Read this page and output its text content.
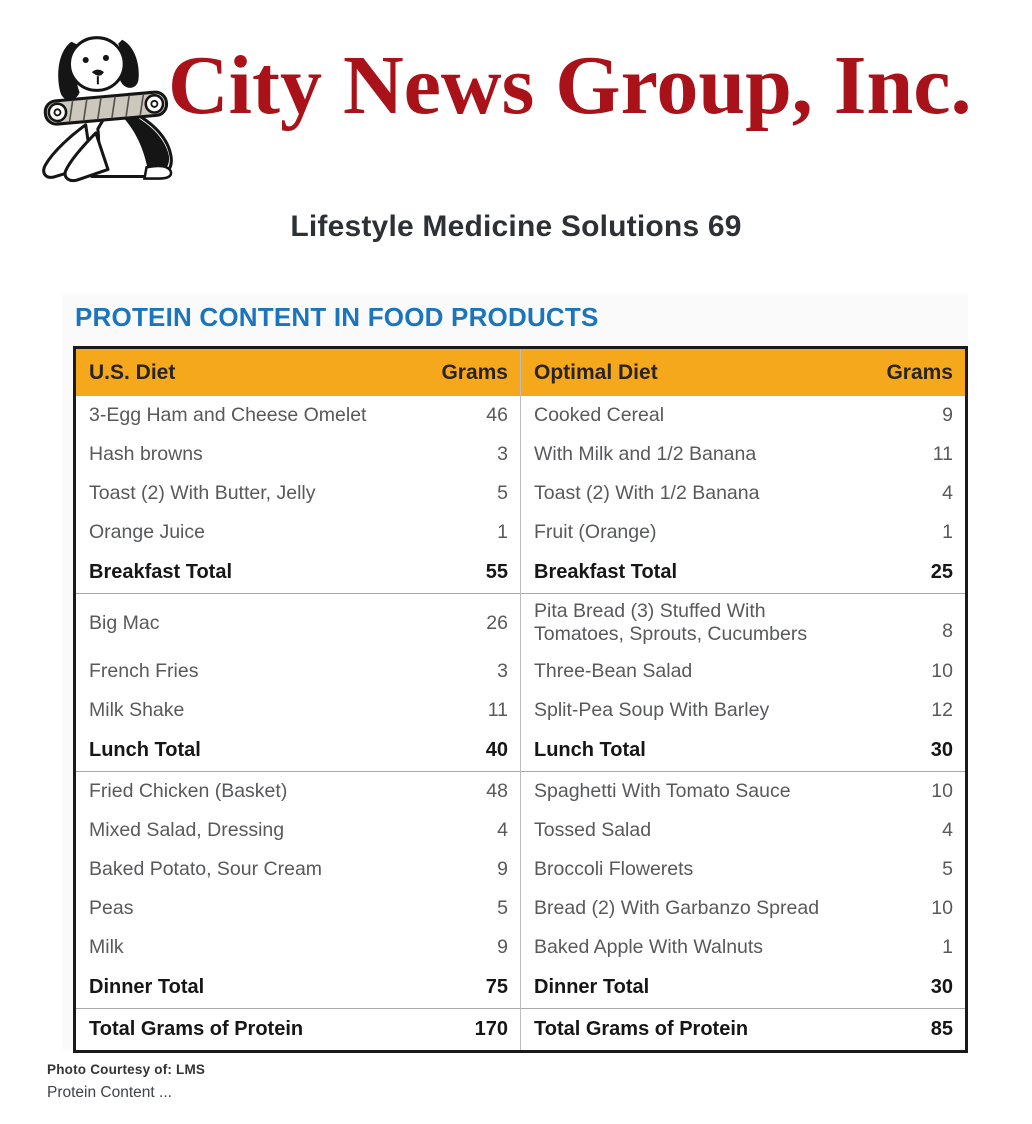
City News Group, Inc.
Lifestyle Medicine Solutions 69
PROTEIN CONTENT IN FOOD PRODUCTS
U.S. Diet	Grams	Optimal Diet	Grams
3-Egg Ham and Cheese Omelet	46	Cooked Cereal	9
Hash browns	3	With Milk and 1/2 Banana	11
Toast (2) With Butter, Jelly	5	Toast (2) With 1/2 Banana	4
Orange Juice	1	Fruit (Orange)	1
Breakfast Total	55	Breakfast Total	25
Big Mac	26	Pita Bread (3) Stuffed With Tomatoes, Sprouts, Cucumbers	8
French Fries	3	Three-Bean Salad	10
Milk Shake	11	Split-Pea Soup With Barley	12
Lunch Total	40	Lunch Total	30
Fried Chicken (Basket)	48	Spaghetti With Tomato Sauce	10
Mixed Salad, Dressing	4	Tossed Salad	4
Baked Potato, Sour Cream	9	Broccoli Flowerets	5
Peas	5	Bread (2) With Garbanzo Spread	10
Milk	9	Baked Apple With Walnuts	1
Dinner Total	75	Dinner Total	30
Total Grams of Protein	170	Total Grams of Protein	85
Photo Courtesy of: LMS
Protein Content ...
